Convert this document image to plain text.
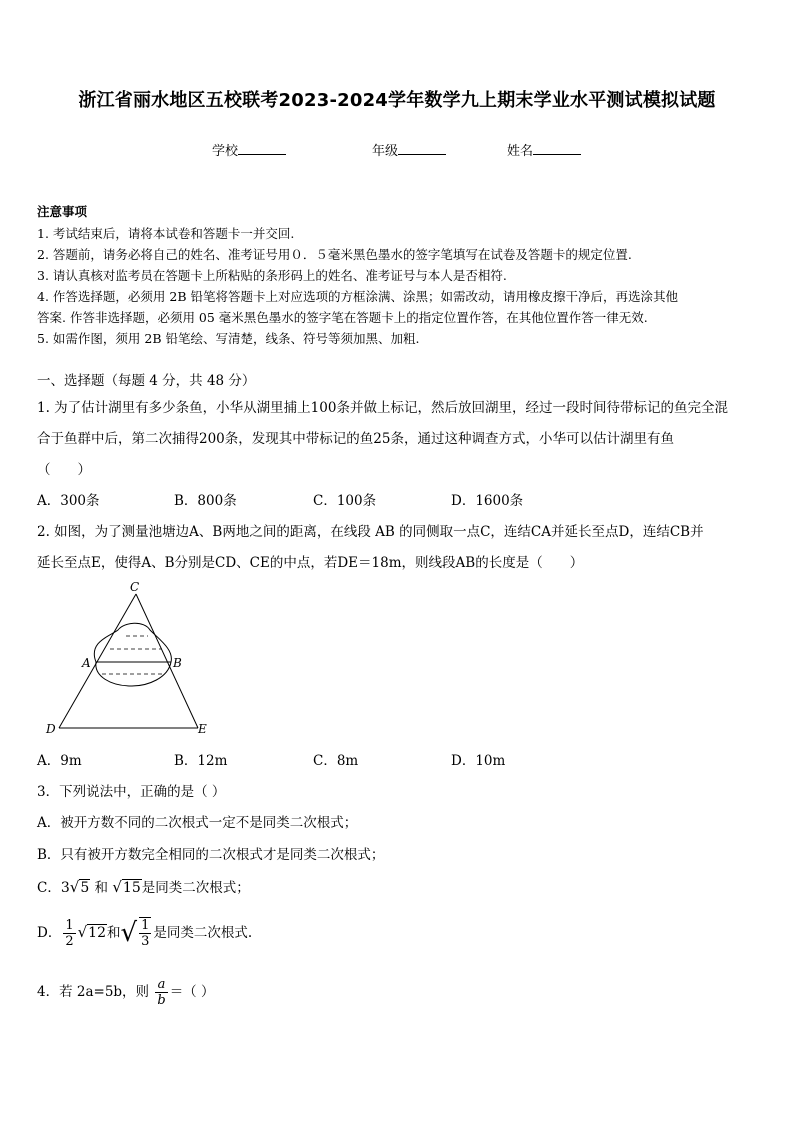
浙江省丽水地区五校联考2023-2024学年数学九上期末学业水平测试模拟试题
学校	年级	姓名
注意事项
1. 考试结束后，请将本试卷和答题卡一并交回.
2. 答题前，请务必将自己的姓名、准考证号用０．５毫米黑色墨水的签字笔填写在试卷及答题卡的规定位置.
3. 请认真核对监考员在答题卡上所粘贴的条形码上的姓名、准考证号与本人是否相符.
4. 作答选择题，必须用 2B 铅笔将答题卡上对应选项的方框涂满、涂黑；如需改动，请用橡皮擦干净后，再选涂其他
答案. 作答非选择题，必须用 05 毫米黑色墨水的签字笔在答题卡上的指定位置作答，在其他位置作答一律无效.
5. 如需作图，须用 2B 铅笔绘、写清楚，线条、符号等须加黑、加粗.
一、选择题（每题 4 分，共 48 分）
1. 为了估计湖里有多少条鱼，小华从湖里捕上100条并做上标记，然后放回湖里，经过一段时间待带标记的鱼完全混
合于鱼群中后，第二次捕得200条，发现其中带标记的鱼25条，通过这种调查方式，小华可以估计湖里有鱼
（　　）
A．300条	B．800条	C．100条	D．1600条
2. 如图，为了测量池塘边A、B两地之间的距离，在线段 AB 的同侧取一点C，连结CA并延长至点D，连结CB并
延长至点E，使得A、B分别是CD、CE的中点，若DE＝18m，则线段AB的长度是（　　）
C
A	B
D	E
A．9m	B．12m	C．8m	D．10m
3．下列说法中，正确的是（ ）
A．被开方数不同的二次根式一定不是同类二次根式；
B．只有被开方数完全相同的二次根式才是同类二次根式；
C．3√5 和 √15是同类二次根式；
D． $\frac{1}{2} √12$和√ $\frac{1}{3}$ 是同类二次根式.
4．若 2a=5b，则 $\frac{a}{b}$ ＝（ ）
